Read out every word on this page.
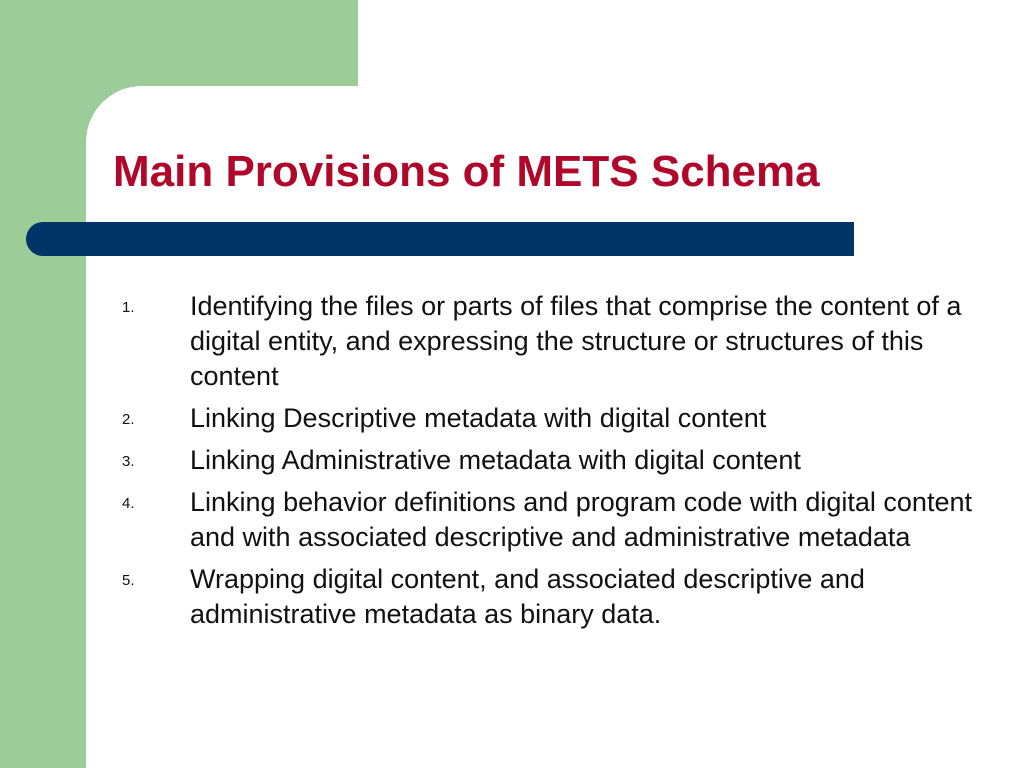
Main Provisions of METS Schema
1. Identifying the files or parts of files that comprise the content of a digital entity, and expressing the structure or structures of this content
2. Linking Descriptive metadata with digital content
3. Linking Administrative metadata with digital content
4. Linking behavior definitions and program code with digital content and with associated descriptive and administrative metadata
5. Wrapping digital content, and associated descriptive and administrative metadata as binary data.
